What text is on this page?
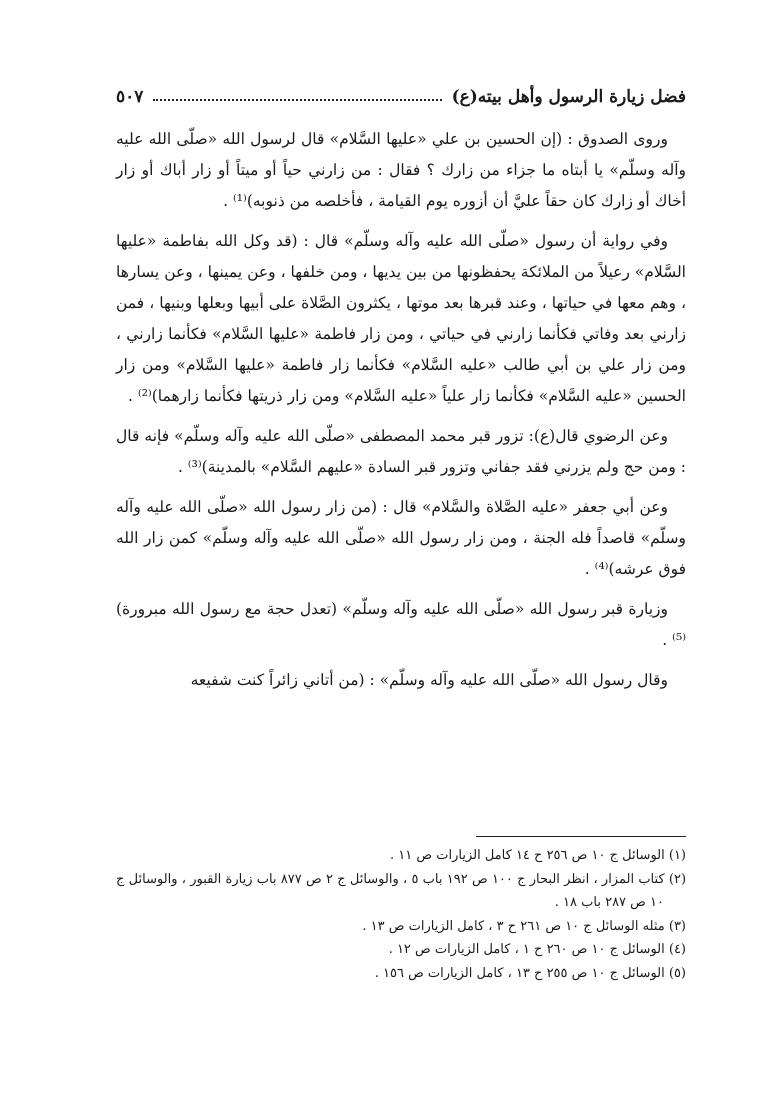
فضل زيارة الرسول وأهل بيته(ع)
٥٠٧

وروى الصدوق : (إن الحسين بن علي «عليها السَّلام» قال لرسول الله «صلّى الله عليه وآله وسلّم» يا أبتاه ما جزاء من زارك ؟ فقال : من زارني حياً أو ميتاً أو زار أباك أو زار أخاك أو زارك كان حقاً عليَّ أن أزوره يوم القيامة ، فأخلصه من ذنوبه)⁽¹⁾ .

وفي رواية أن رسول «صلّى الله عليه وآله وسلّم» قال : (قد وكل الله بفاطمة «عليها السَّلام» رعيلاً من الملائكة يحفظونها من بين يديها ، ومن خلفها ، وعن يمينها ، وعن يسارها ، وهم معها في حياتها ، وعند قبرها بعد موتها ، يكثرون الصَّلاة على أبيها وبعلها وبنيها ، فمن زارني بعد وفاتي فكأنما زارني في حياتي ، ومن زار فاطمة «عليها السَّلام» فكأنما زارني ، ومن زار علي بن أبي طالب «عليه السَّلام» فكأنما زار فاطمة «عليها السَّلام» ومن زار الحسين «عليه السَّلام» فكأنما زار علياً «عليه السَّلام» ومن زار ذريتها فكأنما زارهما)⁽²⁾ .

وعن الرضوي قال(ع): تزور قبر محمد المصطفى «صلّى الله عليه وآله وسلّم» فإنه قال : ومن حج ولم يزرني فقد جفاني وتزور قبر السادة «عليهم السَّلام» بالمدينة)⁽³⁾ .

وعن أبي جعفر «عليه الصَّلاة والسَّلام» قال : (من زار رسول الله «صلّى الله عليه وآله وسلّم» قاصداً فله الجنة ، ومن زار رسول الله «صلّى الله عليه وآله وسلّم» كمن زار الله فوق عرشه)⁽⁴⁾ .

وزيارة قبر رسول الله «صلّى الله عليه وآله وسلّم» (تعدل حجة مع رسول الله مبرورة)⁽⁵⁾ .

وقال رسول الله «صلّى الله عليه وآله وسلّم» : (من أتاني زائراً كنت شفيعه

(١) الوسائل ج ١٠ ص ٢٥٦ ح ١٤ كامل الزيارات ص ١١ .

(٢) كتاب المزار ، انظر البحار ج ١٠٠ ص ١٩٢ باب ٥ ، والوسائل ج ٢ ص ٨٧٧ باب زيارة القبور ، والوسائل ج ١٠ ص ٢٨٧ باب ١٨ .

(٣) مثله الوسائل ج ١٠ ص ٢٦١ ح ٣ ، كامل الزيارات ص ١٣ .

(٤) الوسائل ج ١٠ ص ٢٦٠ ح ١ ، كامل الزيارات ص ١٢ .

(٥) الوسائل ج ١٠ ص ٢٥٥ ح ١٣ ، كامل الزيارات ص ١٥٦ .
